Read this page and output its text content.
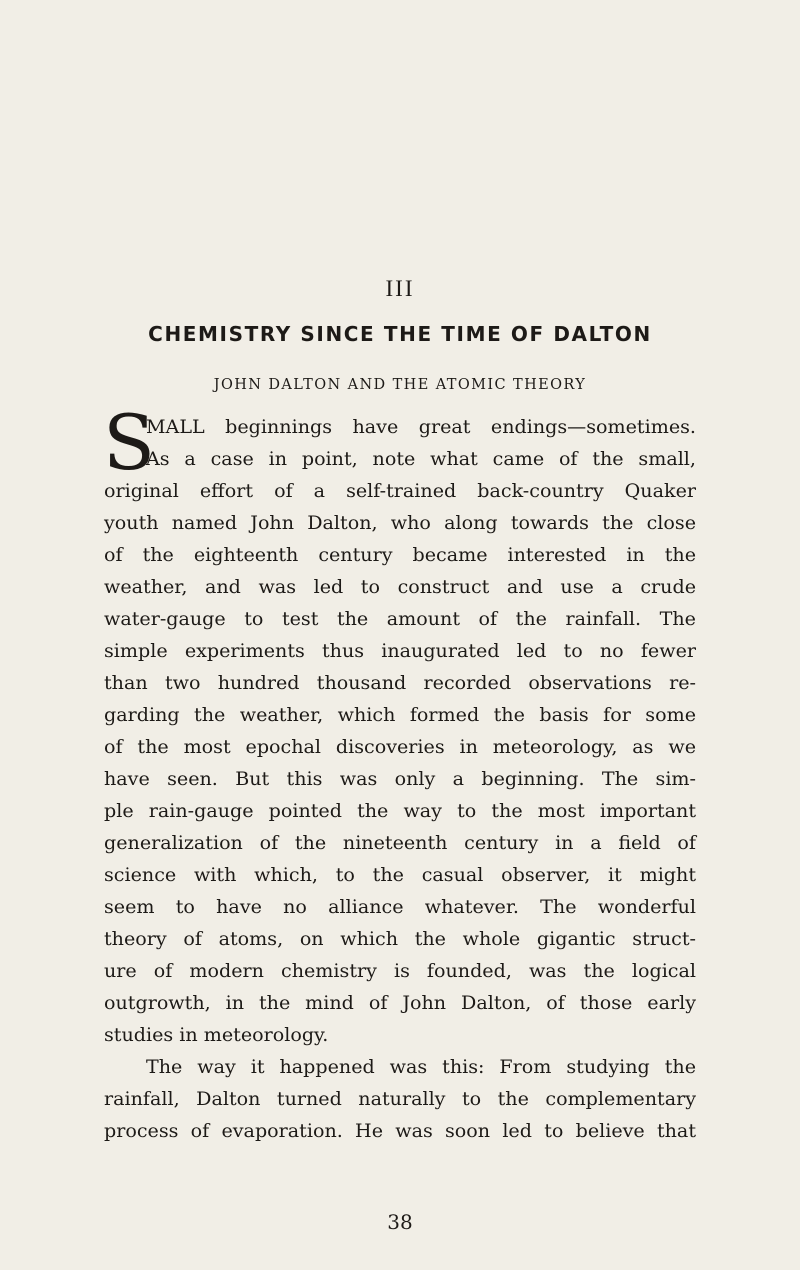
III
CHEMISTRY SINCE THE TIME OF DALTON
JOHN DALTON AND THE ATOMIC THEORY
S
MALL beginnings have great endings—sometimes.
As a case in point, note what came of the small,
original effort of a self-trained back-country Quaker
youth named John Dalton, who along towards the close
of the eighteenth century became interested in the
weather, and was led to construct and use a crude
water-gauge to test the amount of the rainfall. The
simple experiments thus inaugurated led to no fewer
than two hundred thousand recorded observations re-
garding the weather, which formed the basis for some
of the most epochal discoveries in meteorology, as we
have seen. But this was only a beginning. The sim-
ple rain-gauge pointed the way to the most important
generalization of the nineteenth century in a field of
science with which, to the casual observer, it might
seem to have no alliance whatever. The wonderful
theory of atoms, on which the whole gigantic struct-
ure of modern chemistry is founded, was the logical
outgrowth, in the mind of John Dalton, of those early
studies in meteorology.
The way it happened was this: From studying the
rainfall, Dalton turned naturally to the complementary
process of evaporation. He was soon led to believe that
38
